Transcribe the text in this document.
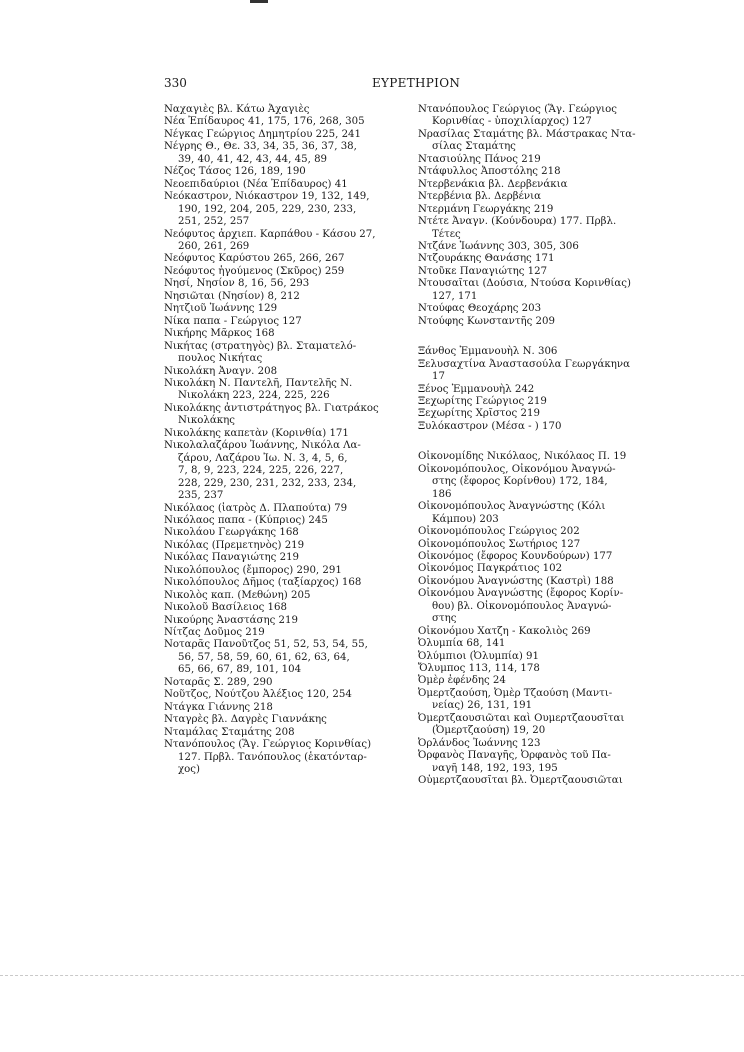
330	ΕΥΡΕΤΗΡΙΟΝ
Ναχαγιὲς βλ. Κάτω Ἀχαγιὲς
Νέα Ἐπίδαυρος 41, 175, 176, 268, 305
Νέγκας Γεώργιος Δημητρίου 225, 241
Νέγρης Θ., Θε. 33, 34, 35, 36, 37, 38,
39, 40, 41, 42, 43, 44, 45, 89
Νέζος Τάσος 126, 189, 190
Νεοεπιδαύριοι (Νέα Ἐπίδαυρος) 41
Νεόκαστρον, Νιόκαστρον 19, 132, 149,
190, 192, 204, 205, 229, 230, 233,
251, 252, 257
Νεόφυτος ἀρχιεπ. Καρπάθου - Κάσου 27,
260, 261, 269
Νεόφυτος Καρύστου 265, 266, 267
Νεόφυτος ἡγούμενος (Σκῦρος) 259
Νησί, Νησίον 8, 16, 56, 293
Νησιῶται (Νησίον) 8, 212
Νητζιοῦ Ἰωάννης 129
Νίκα παπα - Γεώργιος 127
Νικήρης Μᾶρκος 168
Νικήτας (στρατηγὸς) βλ. Σταματελό-
πουλος Νικήτας
Νικολάκη Ἀναγν. 208
Νικολάκη Ν. Παντελῆ, Παντελῆς Ν.
Νικολάκη 223, 224, 225, 226
Νικολάκης ἀντιστράτηγος βλ. Γιατράκος
Νικολάκης
Νικολάκης καπετὰν (Κορινθία) 171
Νικολαλαζάρου Ἰωάννης, Νικόλα Λα-
ζάρου, Λαζάρου Ἰω. Ν. 3, 4, 5, 6,
7, 8, 9, 223, 224, 225, 226, 227,
228, 229, 230, 231, 232, 233, 234,
235, 237
Νικόλαος (ἰατρὸς Δ. Πλαπούτα) 79
Νικόλαος παπα - (Κύπριος) 245
Νικολάου Γεωργάκης 168
Νικόλας (Πρεμετηνὸς) 219
Νικόλας Παναγιώτης 219
Νικολόπουλος (ἔμπορος) 290, 291
Νικολόπουλος Δῆμος (ταξίαρχος) 168
Νικολὸς καπ. (Μεθώνη) 205
Νικολοῦ Βασίλειος 168
Νικούρης Ἀναστάσης 219
Νίτζας Δοῦμος 219
Νοταρᾶς Πανοῦτζος 51, 52, 53, 54, 55,
56, 57, 58, 59, 60, 61, 62, 63, 64,
65, 66, 67, 89, 101, 104
Νοταρᾶς Σ. 289, 290
Νοῦτζος, Νούτζου Ἀλέξιος 120, 254
Ντάγκα Γιάννης 218
Νταγρὲς βλ. Δαγρὲς Γιαννάκης
Νταμάλας Σταμάτης 208
Ντανόπουλος (Ἅγ. Γεώργιος Κορινθίας)
127. Πρβλ. Τανόπουλος (ἑκατόνταρ-
χος)
Ντανόπουλος Γεώργιος (Ἅγ. Γεώργιος
Κορινθίας - ὑποχιλίαρχος) 127
Νρασίλας Σταμάτης βλ. Μάστρακας Ντα-
σίλας Σταμάτης
Ντασιούλης Πάνος 219
Ντάφυλλος Ἀποστόλης 218
Ντερβενάκια βλ. Δερβενάκια
Ντερβένια βλ. Δερβένια
Ντερμάνη Γεωργάκης 219
Ντέτε Ἀναγν. (Κούνδουρα) 177. Πρβλ.
Τέτες
Ντζάνε Ἰωάννης 303, 305, 306
Ντζουράκης Θανάσης 171
Ντοῦκε Παναγιώτης 127
Ντουσαῖται (Δούσια, Ντούσα Κορινθίας)
127, 171
Ντούφας Θεοχάρης 203
Ντούφης Κωνσταντῆς 209
Ξάνθος Ἐμμανουὴλ Ν. 306
Ξελυσαχτίνα Ἀναστασούλα Γεωργάκηνα
17
Ξένος Ἐμμανουὴλ 242
Ξεχωρίτης Γεώργιος 219
Ξεχωρίτης Χρῖστος 219
Ξυλόκαστρον (Μέσα - ) 170
Οἰκονομίδης Νικόλαος, Νικόλαος Π. 19
Οἰκονομόπουλος, Οἰκονόμου Ἀναγνώ-
στης (ἔφορος Κορίνθου) 172, 184,
186
Οἰκονομόπουλος Ἀναγνώστης (Κόλι
Κάμπου) 203
Οἰκονομόπουλος Γεώργιος 202
Οἰκονομόπουλος Σωτήριος 127
Οἰκονόμος (ἔφορος Κουνδούρων) 177
Οἰκονόμος Παγκράτιος 102
Οἰκονόμου Ἀναγνώστης (Καστρὶ) 188
Οἰκονόμου Ἀναγνώστης (ἔφορος Κορίν-
θου) βλ. Οἰκονομόπουλος Ἀναγνώ-
στης
Οἰκονόμου Χατζη - Κακολιὸς 269
Ὀλυμπία 68, 141
Ὀλύμπιοι (Ὀλυμπία) 91
Ὄλυμπος 113, 114, 178
Ὀμὲρ ἐφένδης 24
Ὀμερτζαούση, Ὀμὲρ Τζαούση (Μαντι-
νείας) 26, 131, 191
Ὀμερτζαουσιῶται καὶ Ουμερτζαουσῖται
(Ὀμερτζαούση) 19, 20
Ὀρλάνδος Ἰωάννης 123
Ὀρφανὸς Παναγῆς, Ὀρφανὸς τοῦ Πα-
ναγῆ 148, 192, 193, 195
Οὐμερτζαουσῖται βλ. Ὀμερτζαουσιῶται
